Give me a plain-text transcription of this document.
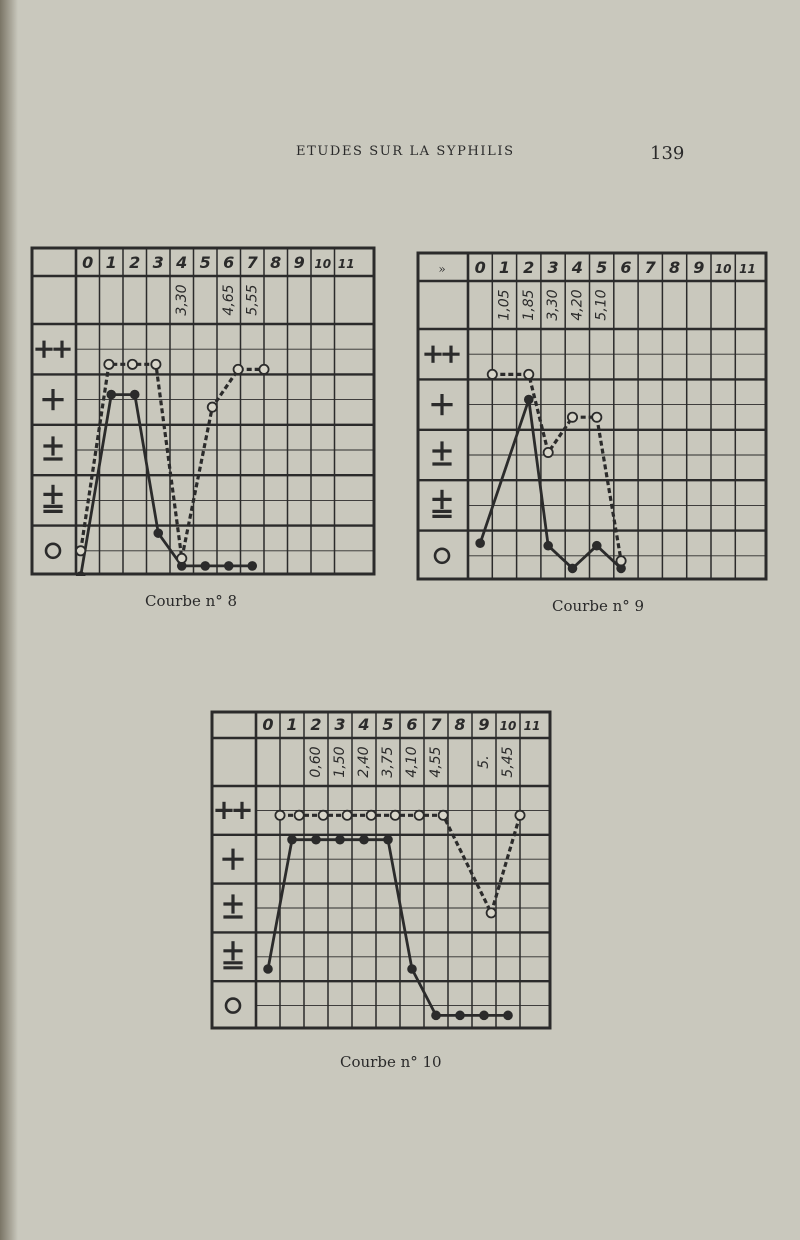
ETUDES SUR LA SYPHILIS	139
0 1 2 3 4 5 6 7 8 9 10 11
3,30 4,65 5,55
0 1 2 3 4 5 6 7 8 9 10 11
»
1,05 1,85 3,30 4,20 5,10
0 1 2 3 4 5 6 7 8 9 10 11
0,60 1,50 2,40 3,75 4,10 4,55 5. 5,45
Courbe n° 8	Courbe n° 9
Courbe n° 10
